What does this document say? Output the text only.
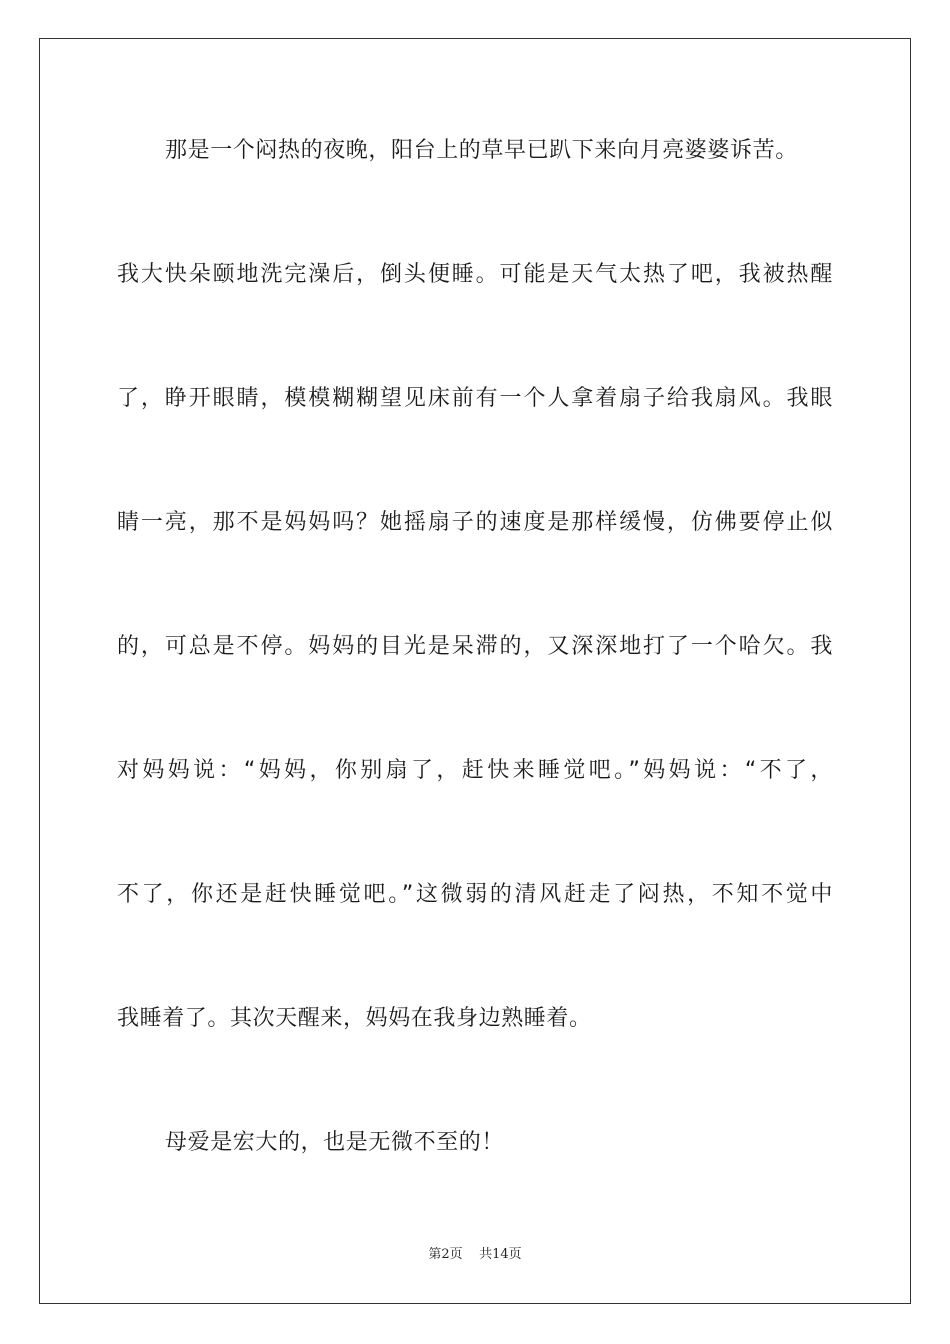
那是一个闷热的夜晚，阳台上的草早已趴下来向月亮婆婆诉苦。
我大快朵颐地洗完澡后，倒头便睡。可能是天气太热了吧，我被热醒
了，睁开眼睛，模模糊糊望见床前有一个人拿着扇子给我扇风。我眼
睛一亮，那不是妈妈吗？她摇扇子的速度是那样缓慢，仿佛要停止似
的，可总是不停。妈妈的目光是呆滞的，又深深地打了一个哈欠。我
对妈妈说：“妈妈，你别扇了，赶快来睡觉吧。”妈妈说：“不了，
不了，你还是赶快睡觉吧。”这微弱的清风赶走了闷热，不知不觉中
我睡着了。其次天醒来，妈妈在我身边熟睡着。
母爱是宏大的，也是无微不至的！
第2页 共14页
